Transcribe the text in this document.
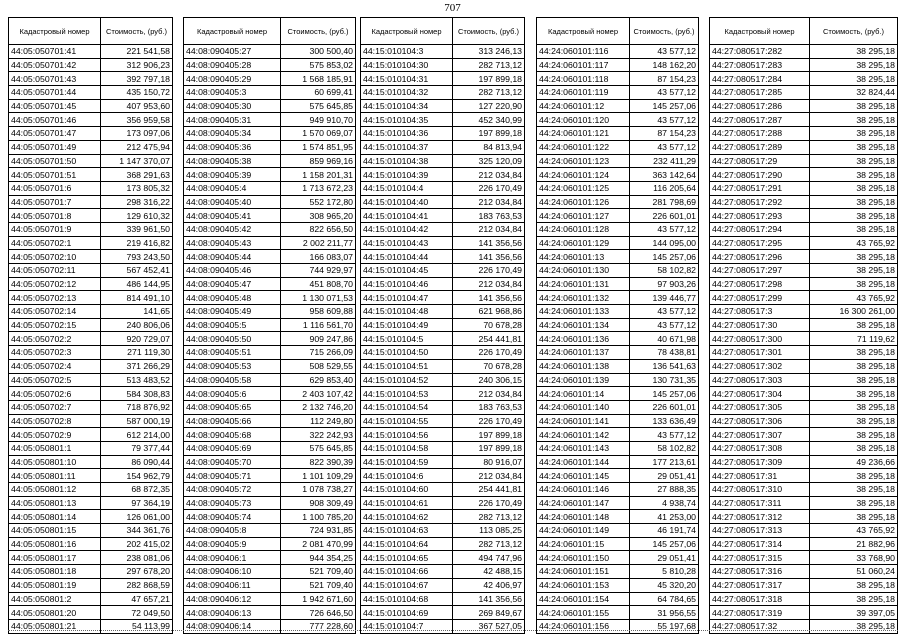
707
Кадастровый номер	Стоимость, (руб.)
44:05:050701:41	221 541,58
44:05:050701:42	312 906,23
44:05:050701:43	392 797,18
44:05:050701:44	435 150,72
44:05:050701:45	407 953,60
44:05:050701:46	356 959,58
44:05:050701:47	173 097,06
44:05:050701:49	212 475,94
44:05:050701:50	1 147 370,07
44:05:050701:51	368 291,63
44:05:050701:6	173 805,32
44:05:050701:7	298 316,22
44:05:050701:8	129 610,32
44:05:050701:9	339 961,50
44:05:050702:1	219 416,82
44:05:050702:10	793 243,50
44:05:050702:11	567 452,41
44:05:050702:12	486 144,95
44:05:050702:13	814 491,10
44:05:050702:14	141,65
44:05:050702:15	240 806,06
44:05:050702:2	920 729,07
44:05:050702:3	271 119,30
44:05:050702:4	371 266,29
44:05:050702:5	513 483,52
44:05:050702:6	584 308,83
44:05:050702:7	718 876,92
44:05:050702:8	587 000,19
44:05:050702:9	612 214,00
44:05:050801:1	79 377,44
44:05:050801:10	86 090,44
44:05:050801:11	154 962,79
44:05:050801:12	68 872,35
44:05:050801:13	97 364,19
44:05:050801:14	126 061,00
44:05:050801:15	344 361,76
44:05:050801:16	202 415,02
44:05:050801:17	238 081,06
44:05:050801:18	297 678,20
44:05:050801:19	282 868,59
44:05:050801:2	47 657,21
44:05:050801:20	72 049,50
44:05:050801:21	54 113,99
Кадастровый номер	Стоимость, (руб.)
44:08:090405:27	300 500,40
44:08:090405:28	575 853,02
44:08:090405:29	1 568 185,91
44:08:090405:3	60 699,41
44:08:090405:30	575 645,85
44:08:090405:31	949 910,70
44:08:090405:34	1 570 069,07
44:08:090405:36	1 574 851,95
44:08:090405:38	859 969,16
44:08:090405:39	1 158 201,31
44:08:090405:4	1 713 672,23
44:08:090405:40	552 172,80
44:08:090405:41	308 965,20
44:08:090405:42	822 656,50
44:08:090405:43	2 002 211,77
44:08:090405:44	166 083,07
44:08:090405:46	744 929,97
44:08:090405:47	451 808,70
44:08:090405:48	1 130 071,53
44:08:090405:49	958 609,88
44:08:090405:5	1 116 561,70
44:08:090405:50	909 247,86
44:08:090405:51	715 266,09
44:08:090405:53	508 529,55
44:08:090405:58	629 853,40
44:08:090405:6	2 403 107,42
44:08:090405:65	2 132 746,20
44:08:090405:66	112 249,80
44:08:090405:68	322 242,93
44:08:090405:69	575 645,85
44:08:090405:70	822 390,39
44:08:090405:71	1 101 109,29
44:08:090405:72	1 078 738,27
44:08:090405:73	908 309,49
44:08:090405:74	1 100 785,20
44:08:090405:8	724 931,85
44:08:090405:9	2 081 470,99
44:08:090406:1	944 354,25
44:08:090406:10	521 709,40
44:08:090406:11	521 709,40
44:08:090406:12	1 942 671,60
44:08:090406:13	726 646,50
44:08:090406:14	777 228,60
Кадастровый номер	Стоимость, (руб.)
44:15:010104:3	313 246,13
44:15:010104:30	282 713,12
44:15:010104:31	197 899,18
44:15:010104:32	282 713,12
44:15:010104:34	127 220,90
44:15:010104:35	452 340,99
44:15:010104:36	197 899,18
44:15:010104:37	84 813,94
44:15:010104:38	325 120,09
44:15:010104:39	212 034,84
44:15:010104:4	226 170,49
44:15:010104:40	212 034,84
44:15:010104:41	183 763,53
44:15:010104:42	212 034,84
44:15:010104:43	141 356,56
44:15:010104:44	141 356,56
44:15:010104:45	226 170,49
44:15:010104:46	212 034,84
44:15:010104:47	141 356,56
44:15:010104:48	621 968,86
44:15:010104:49	70 678,28
44:15:010104:5	254 441,81
44:15:010104:50	226 170,49
44:15:010104:51	70 678,28
44:15:010104:52	240 306,15
44:15:010104:53	212 034,84
44:15:010104:54	183 763,53
44:15:010104:55	226 170,49
44:15:010104:56	197 899,18
44:15:010104:58	197 899,18
44:15:010104:59	80 916,07
44:15:010104:6	212 034,84
44:15:010104:60	254 441,81
44:15:010104:61	226 170,49
44:15:010104:62	282 713,12
44:15:010104:63	113 085,25
44:15:010104:64	282 713,12
44:15:010104:65	494 747,96
44:15:010104:66	42 488,15
44:15:010104:67	42 406,97
44:15:010104:68	141 356,56
44:15:010104:69	269 849,67
44:15:010104:7	367 527,05
Кадастровый номер	Стоимость, (руб.)
44:24:060101:116	43 577,12
44:24:060101:117	148 162,20
44:24:060101:118	87 154,23
44:24:060101:119	43 577,12
44:24:060101:12	145 257,06
44:24:060101:120	43 577,12
44:24:060101:121	87 154,23
44:24:060101:122	43 577,12
44:24:060101:123	232 411,29
44:24:060101:124	363 142,64
44:24:060101:125	116 205,64
44:24:060101:126	281 798,69
44:24:060101:127	226 601,01
44:24:060101:128	43 577,12
44:24:060101:129	144 095,00
44:24:060101:13	145 257,06
44:24:060101:130	58 102,82
44:24:060101:131	97 903,26
44:24:060101:132	139 446,77
44:24:060101:133	43 577,12
44:24:060101:134	43 577,12
44:24:060101:136	40 671,98
44:24:060101:137	78 438,81
44:24:060101:138	136 541,63
44:24:060101:139	130 731,35
44:24:060101:14	145 257,06
44:24:060101:140	226 601,01
44:24:060101:141	133 636,49
44:24:060101:142	43 577,12
44:24:060101:143	58 102,82
44:24:060101:144	177 213,61
44:24:060101:145	29 051,41
44:24:060101:146	27 888,35
44:24:060101:147	4 938,74
44:24:060101:148	41 253,00
44:24:060101:149	46 191,74
44:24:060101:15	145 257,06
44:24:060101:150	29 051,41
44:24:060101:151	5 810,28
44:24:060101:153	45 320,20
44:24:060101:154	64 784,65
44:24:060101:155	31 956,55
44:24:060101:156	55 197,68
Кадастровый номер	Стоимость, (руб.)
44:27:080517:282	38 295,18
44:27:080517:283	38 295,18
44:27:080517:284	38 295,18
44:27:080517:285	32 824,44
44:27:080517:286	38 295,18
44:27:080517:287	38 295,18
44:27:080517:288	38 295,18
44:27:080517:289	38 295,18
44:27:080517:29	38 295,18
44:27:080517:290	38 295,18
44:27:080517:291	38 295,18
44:27:080517:292	38 295,18
44:27:080517:293	38 295,18
44:27:080517:294	38 295,18
44:27:080517:295	43 765,92
44:27:080517:296	38 295,18
44:27:080517:297	38 295,18
44:27:080517:298	38 295,18
44:27:080517:299	43 765,92
44:27:080517:3	16 300 261,00
44:27:080517:30	38 295,18
44:27:080517:300	71 119,62
44:27:080517:301	38 295,18
44:27:080517:302	38 295,18
44:27:080517:303	38 295,18
44:27:080517:304	38 295,18
44:27:080517:305	38 295,18
44:27:080517:306	38 295,18
44:27:080517:307	38 295,18
44:27:080517:308	38 295,18
44:27:080517:309	49 236,66
44:27:080517:31	38 295,18
44:27:080517:310	38 295,18
44:27:080517:311	38 295,18
44:27:080517:312	38 295,18
44:27:080517:313	43 765,92
44:27:080517:314	21 882,96
44:27:080517:315	33 768,90
44:27:080517:316	51 060,24
44:27:080517:317	38 295,18
44:27:080517:318	38 295,18
44:27:080517:319	39 397,05
44:27:080517:32	38 295,18
